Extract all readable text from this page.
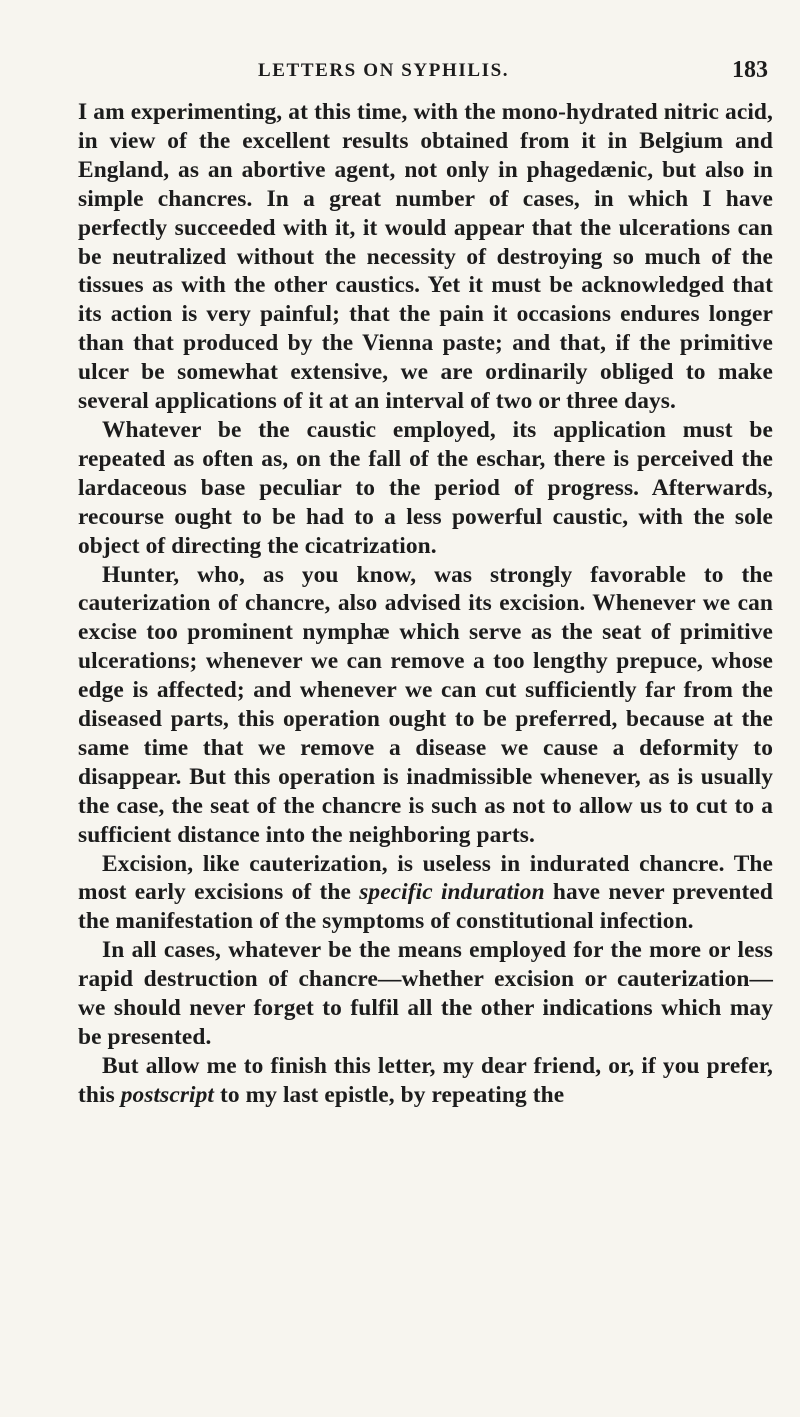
LETTERS ON SYPHILIS.	183

I am experimenting, at this time, with the mono-hydrated nitric acid, in view of the excellent results obtained from it in Belgium and England, as an abortive agent, not only in phagedænic, but also in simple chancres. In a great number of cases, in which I have perfectly succeeded with it, it would appear that the ulcerations can be neutralized without the necessity of destroying so much of the tissues as with the other caustics. Yet it must be acknowledged that its action is very painful; that the pain it occasions endures longer than that produced by the Vienna paste; and that, if the primitive ulcer be somewhat extensive, we are ordinarily obliged to make several applications of it at an interval of two or three days.

Whatever be the caustic employed, its application must be repeated as often as, on the fall of the eschar, there is perceived the lardaceous base peculiar to the period of progress. Afterwards, recourse ought to be had to a less powerful caustic, with the sole object of directing the cicatrization.

Hunter, who, as you know, was strongly favorable to the cauterization of chancre, also advised its excision. Whenever we can excise too prominent nymphæ which serve as the seat of primitive ulcerations; whenever we can remove a too lengthy prepuce, whose edge is affected; and whenever we can cut sufficiently far from the diseased parts, this operation ought to be preferred, because at the same time that we remove a disease we cause a deformity to disappear. But this operation is inadmissible whenever, as is usually the case, the seat of the chancre is such as not to allow us to cut to a sufficient distance into the neighboring parts.

Excision, like cauterization, is useless in indurated chancre. The most early excisions of the specific induration have never prevented the manifestation of the symptoms of constitutional infection.

In all cases, whatever be the means employed for the more or less rapid destruction of chancre—whether excision or cauterization—we should never forget to fulfil all the other indications which may be presented.

But allow me to finish this letter, my dear friend, or, if you prefer, this postscript to my last epistle, by repeating the
